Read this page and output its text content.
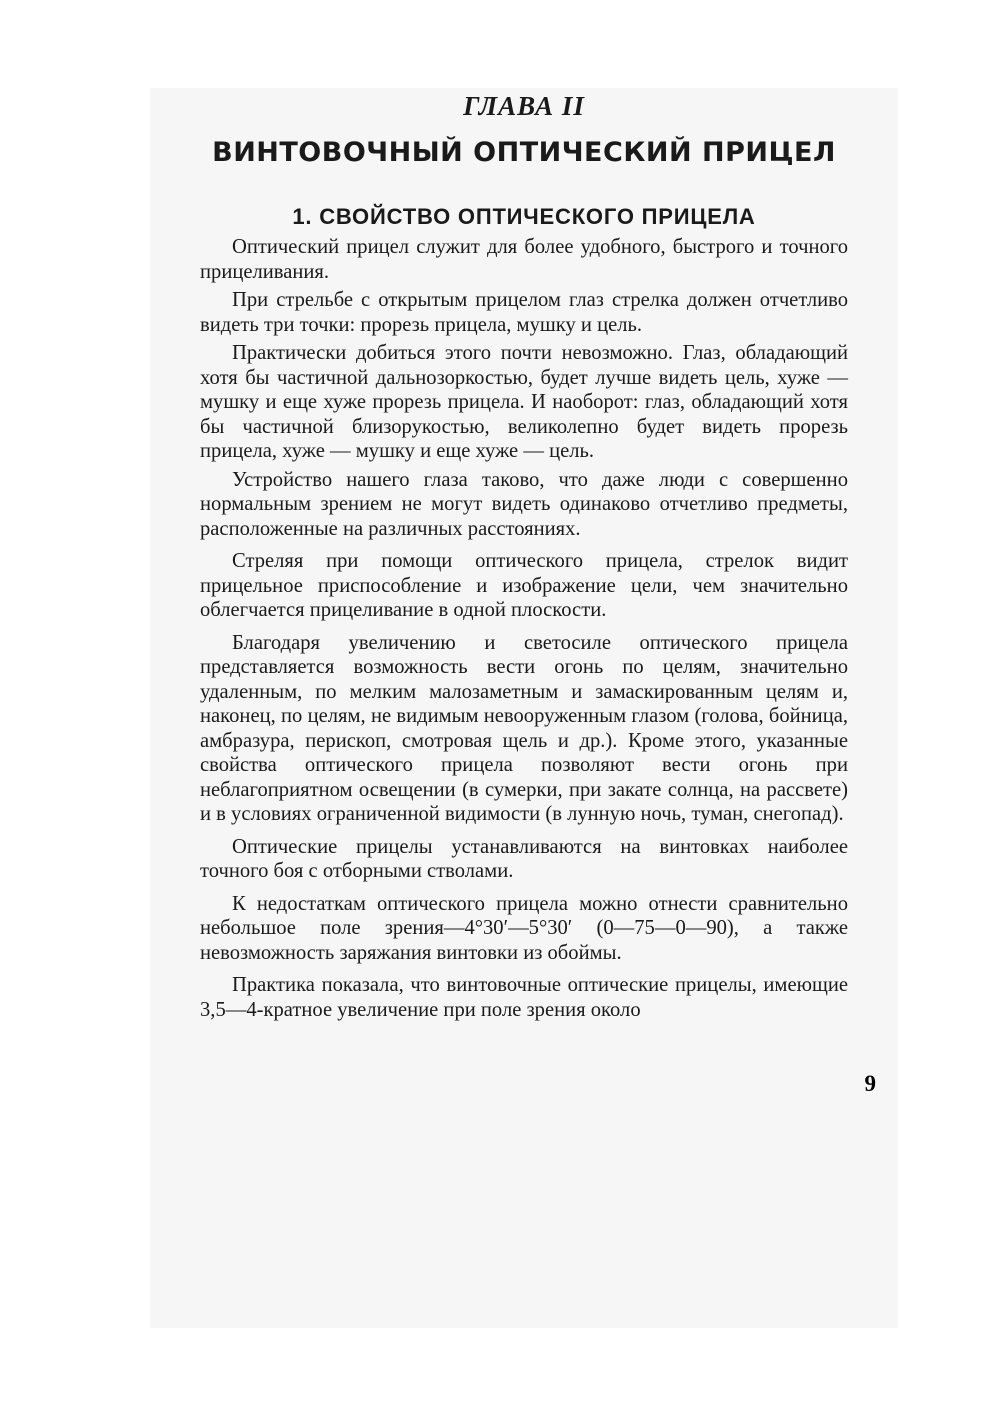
ГЛАВА II
ВИНТОВОЧНЫЙ ОПТИЧЕСКИЙ ПРИЦЕЛ
1. СВОЙСТВО ОПТИЧЕСКОГО ПРИЦЕЛА

Оптический прицел служит для более удобного, быстрого и точного прицеливания.

При стрельбе с открытым прицелом глаз стрелка должен отчетливо видеть три точки: прорезь прицела, мушку и цель.

Практически добиться этого почти невозможно. Глаз, обладающий хотя бы частичной дальнозоркостью, будет лучше видеть цель, хуже — мушку и еще хуже прорезь прицела. И наоборот: глаз, обладающий хотя бы частичной близорукостью, великолепно будет видеть прорезь прицела, хуже — мушку и еще хуже — цель.

Устройство нашего глаза таково, что даже люди с совершенно нормальным зрением не могут видеть одинаково отчетливо предметы, расположенные на различных расстояниях.

Стреляя при помощи оптического прицела, стрелок видит прицельное приспособление и изображение цели, чем значительно облегчается прицеливание в одной плоскости.

Благодаря увеличению и светосиле оптического прицела представляется возможность вести огонь по целям, значительно удаленным, по мелким малозаметным и замаскированным целям и, наконец, по целям, не видимым невооруженным глазом (голова, бойница, амбразура, перископ, смотровая щель и др.). Кроме этого, указанные свойства оптического прицела позволяют вести огонь при неблагоприятном освещении (в сумерки, при закате солнца, на рассвете) и в условиях ограниченной видимости (в лунную ночь, туман, снегопад).

Оптические прицелы устанавливаются на винтовках наиболее точного боя с отборными стволами.

К недостаткам оптического прицела можно отнести сравнительно небольшое поле зрения—4°30′—5°30′ (0—75—0—90), а также невозможность заряжания винтовки из обоймы.

Практика показала, что винтовочные оптические прицелы, имеющие 3,5—4-кратное увеличение при поле зрения около

9
